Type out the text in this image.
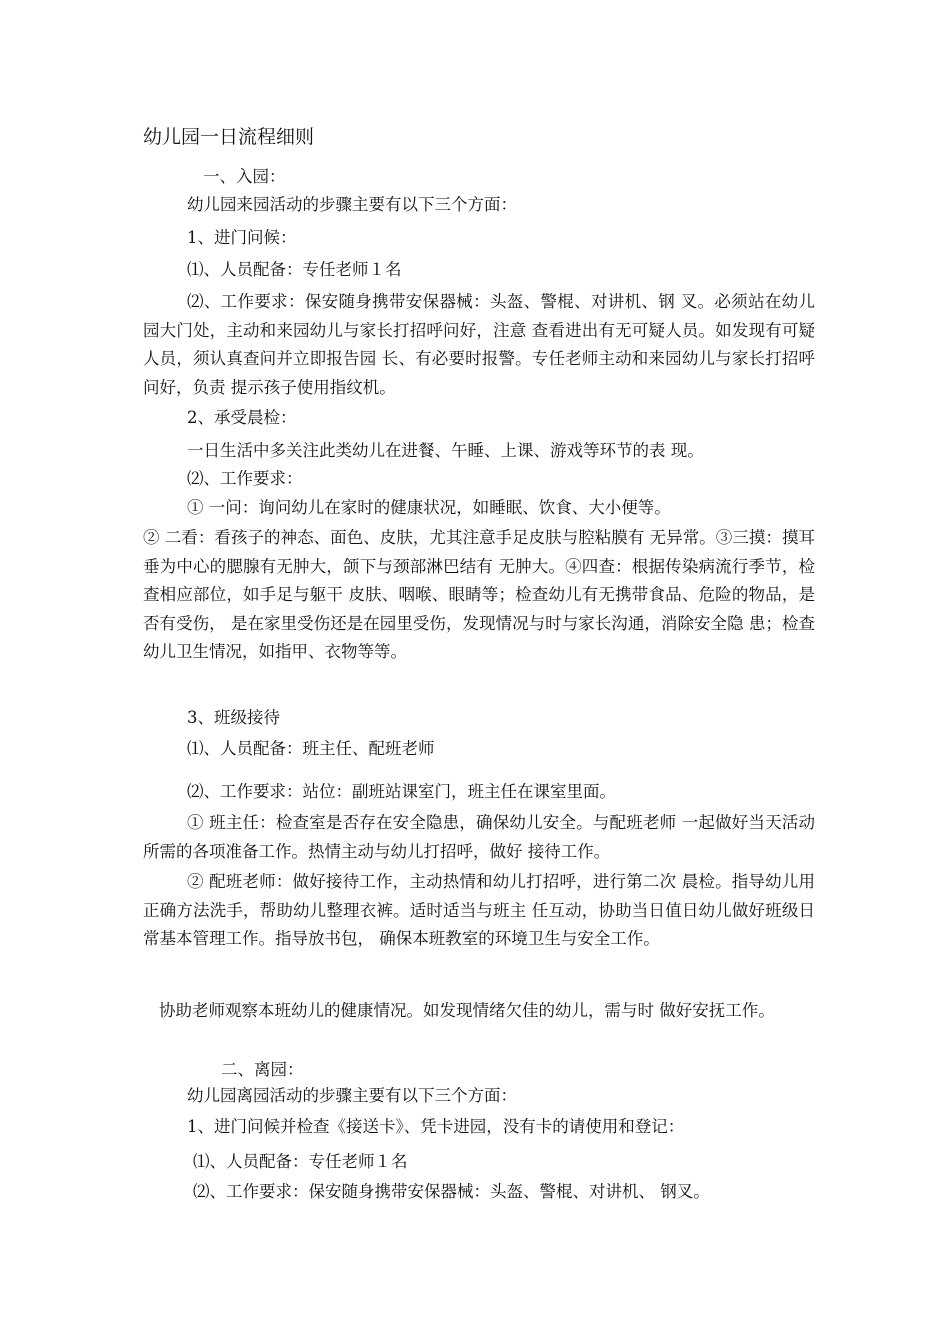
幼儿园一日流程细则
一、入园：
幼儿园来园活动的步骤主要有以下三个方面：
1、进门问候：
⑴、人员配备：专任老师１名
⑵、工作要求：保安随身携带安保器械：头盔、警棍、对讲机、钢 叉。必须站在幼儿园大门处，主动和来园幼儿与家长打招呼问好，注意 查看进出有无可疑人员。如发现有可疑人员，须认真查问并立即报告园 长、有必要时报警。专任老师主动和来园幼儿与家长打招呼问好，负责 提示孩子使用指纹机。
2、承受晨检：
一日生活中多关注此类幼儿在进餐、午睡、上课、游戏等环节的表 现。
⑵、工作要求：
① 一问：询问幼儿在家时的健康状况，如睡眠、饮食、大小便等。
② 二看：看孩子的神态、面色、皮肤，尤其注意手足皮肤与腔粘膜有 无异常。③三摸：摸耳垂为中心的腮腺有无肿大，颌下与颈部淋巴结有 无肿大。④四查：根据传染病流行季节，检查相应部位，如手足与躯干 皮肤、咽喉、眼睛等；检查幼儿有无携带食品、危险的物品，是否有受伤， 是在家里受伤还是在园里受伤，发现情况与时与家长沟通，消除安全隐 患；检查幼儿卫生情况，如指甲、衣物等等。
3、班级接待
⑴、人员配备：班主任、配班老师
⑵、工作要求：站位：副班站课室门，班主任在课室里面。
① 班主任：检查室是否存在安全隐患，确保幼儿安全。与配班老师 一起做好当天活动所需的各项准备工作。热情主动与幼儿打招呼，做好 接待工作。
② 配班老师：做好接待工作，主动热情和幼儿打招呼，进行第二次 晨检。指导幼儿用正确方法洗手，帮助幼儿整理衣裤。适时适当与班主 任互动，协助当日值日幼儿做好班级日常基本管理工作。指导放书包， 确保本班教室的环境卫生与安全工作。
协助老师观察本班幼儿的健康情况。如发现情绪欠佳的幼儿，需与时 做好安抚工作。
二、离园：
幼儿园离园活动的步骤主要有以下三个方面：
1、进门问候并检查《接送卡》、凭卡进园，没有卡的请使用和登记：
⑴、人员配备：专任老师１名
⑵、工作要求：保安随身携带安保器械：头盔、警棍、对讲机、 钢叉。
